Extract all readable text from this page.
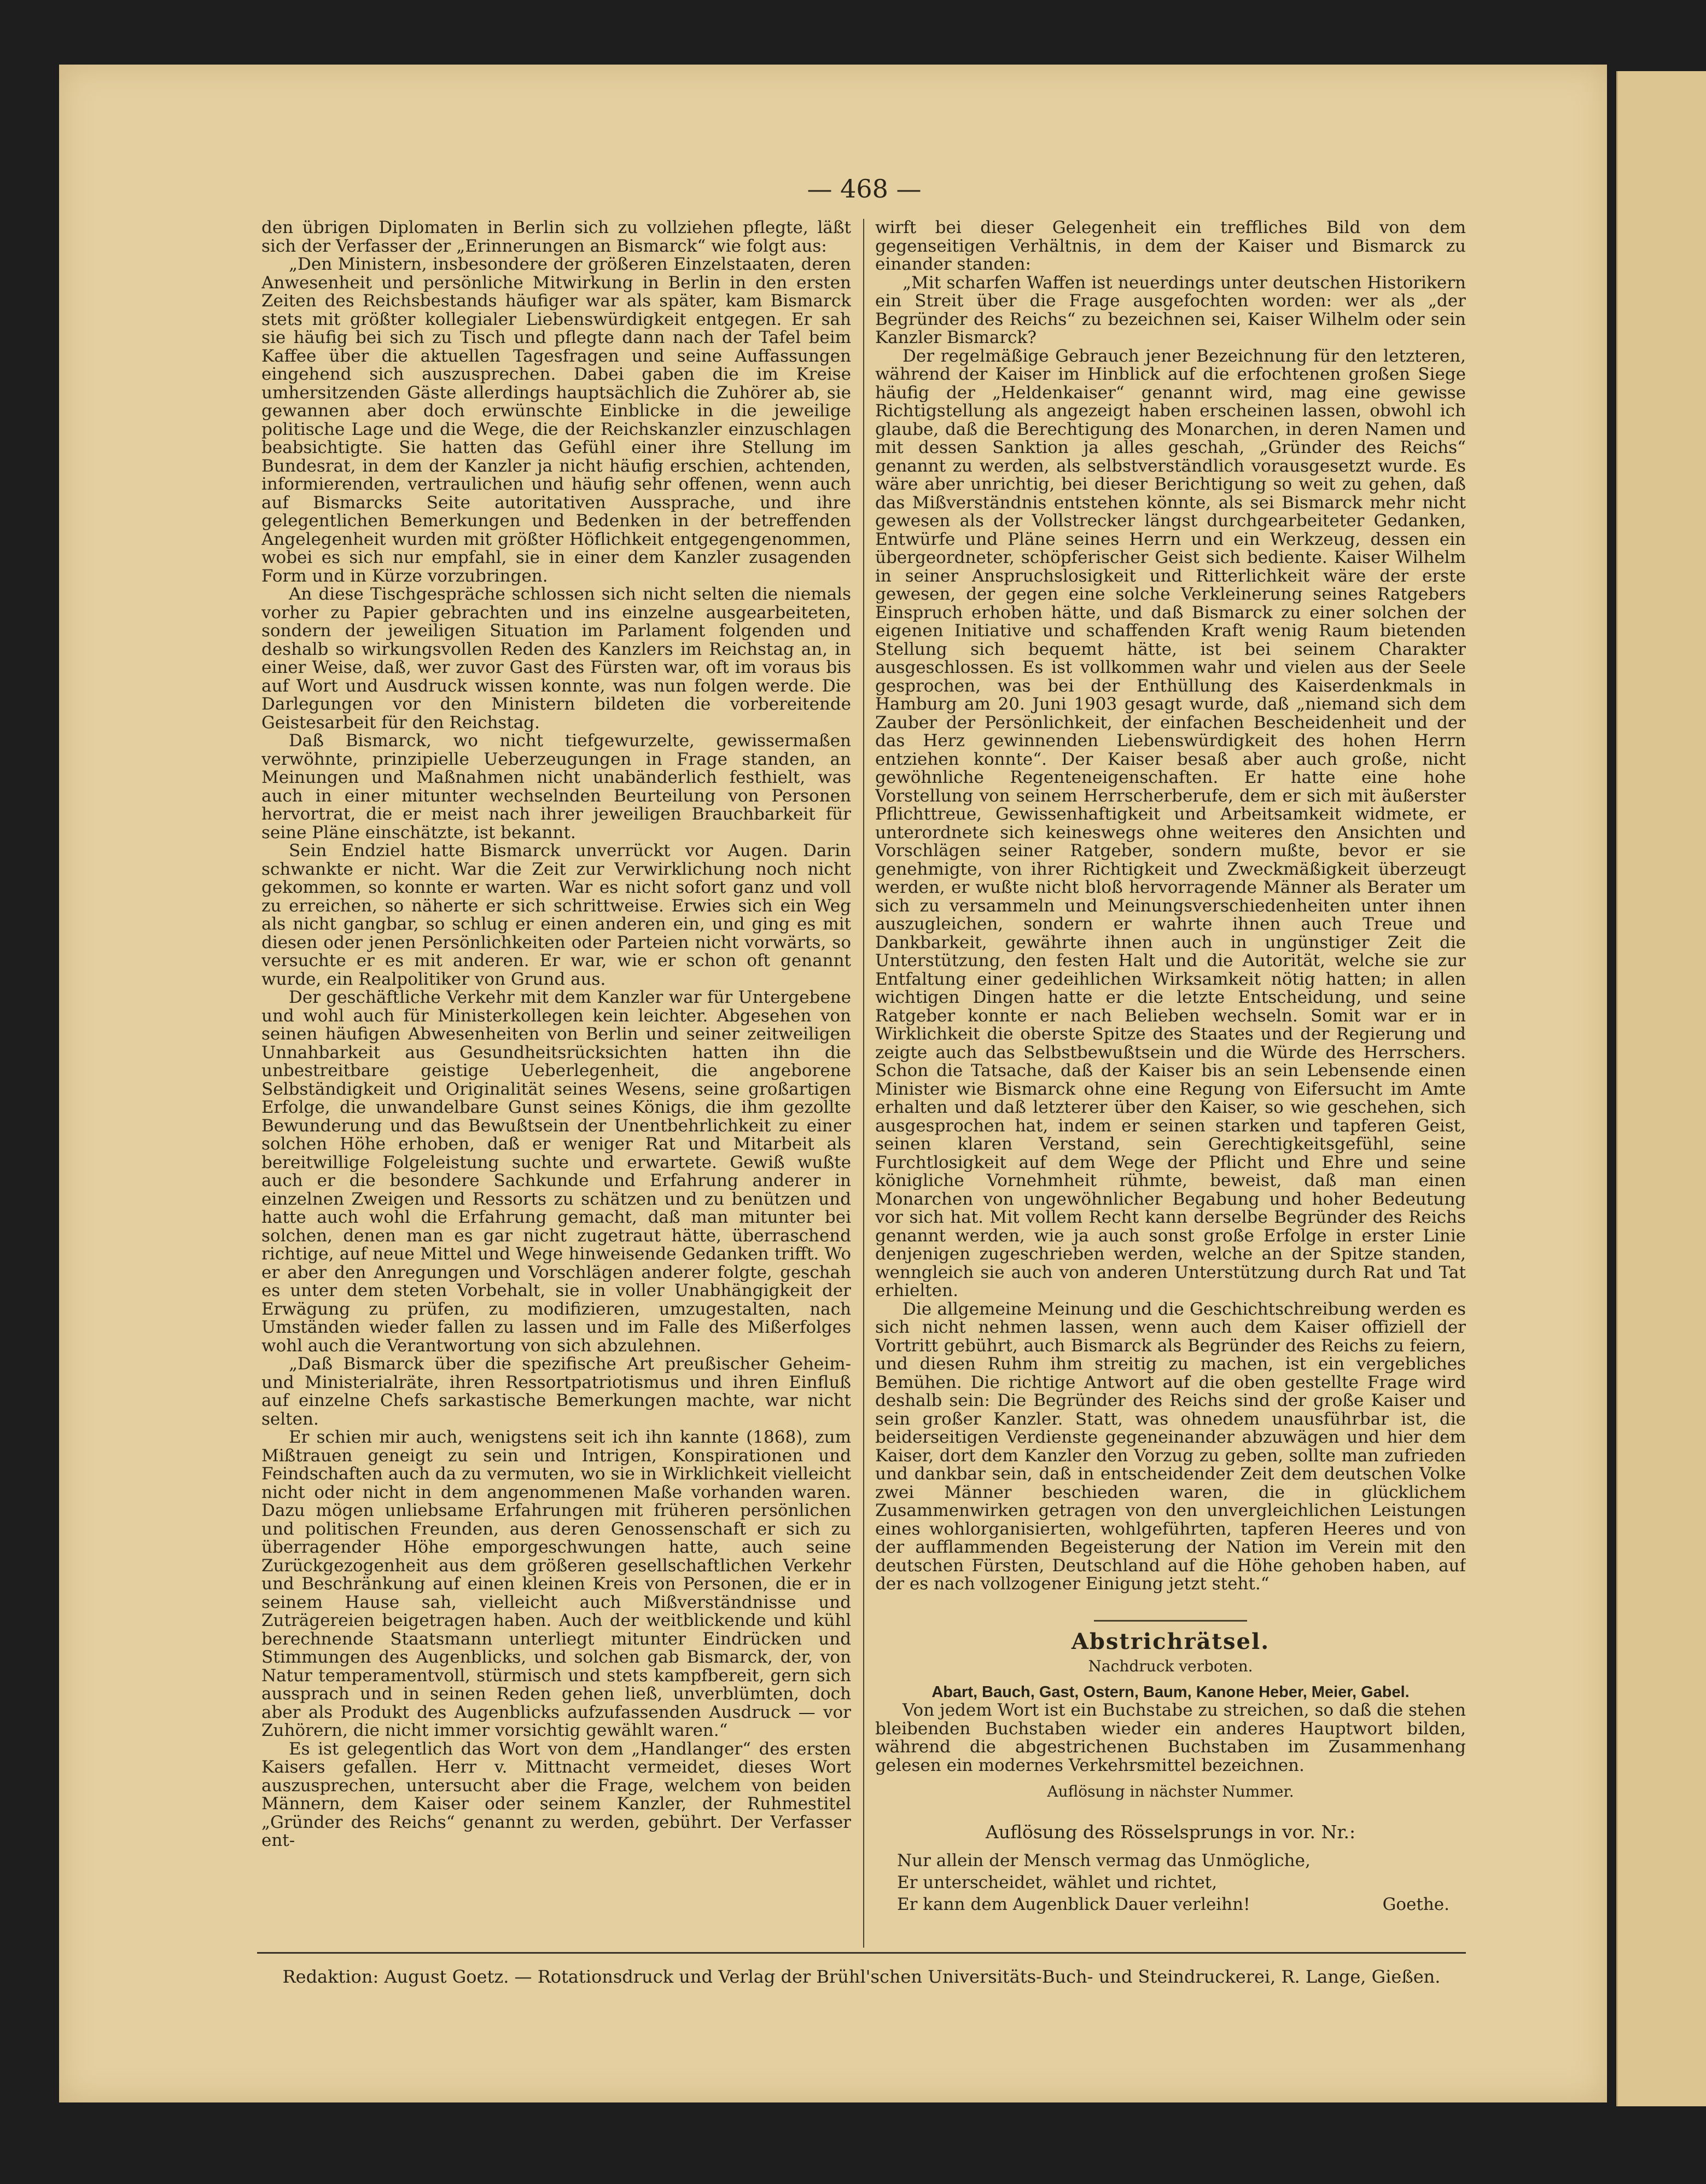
— 468 —

den übrigen Diplomaten in Berlin sich zu vollziehen pflegte, läßt sich der Verfasser der „Erinnerungen an Bismarck“ wie folgt aus:

„Den Ministern, insbesondere der größeren Einzelstaaten, deren Anwesenheit und persönliche Mitwirkung in Berlin in den ersten Zeiten des Reichsbestands häufiger war als später, kam Bismarck stets mit größter kollegialer Liebenswürdigkeit entgegen. Er sah sie häufig bei sich zu Tisch und pflegte dann nach der Tafel beim Kaffee über die aktuellen Tagesfragen und seine Auffassungen eingehend sich auszusprechen. Dabei gaben die im Kreise umhersitzenden Gäste allerdings hauptsächlich die Zuhörer ab, sie gewannen aber doch erwünschte Einblicke in die jeweilige politische Lage und die Wege, die der Reichskanzler einzuschlagen beabsichtigte. Sie hatten das Gefühl einer ihre Stellung im Bundesrat, in dem der Kanzler ja nicht häufig erschien, achtenden, informierenden, vertraulichen und häufig sehr offenen, wenn auch auf Bismarcks Seite autoritativen Aussprache, und ihre gelegentlichen Bemerkungen und Bedenken in der betreffenden Angelegenheit wurden mit größter Höflichkeit entgegengenommen, wobei es sich nur empfahl, sie in einer dem Kanzler zusagenden Form und in Kürze vorzubringen.

An diese Tischgespräche schlossen sich nicht selten die niemals vorher zu Papier gebrachten und ins einzelne ausgearbeiteten, sondern der jeweiligen Situation im Parlament folgenden und deshalb so wirkungsvollen Reden des Kanzlers im Reichstag an, in einer Weise, daß, wer zuvor Gast des Fürsten war, oft im voraus bis auf Wort und Ausdruck wissen konnte, was nun folgen werde. Die Darlegungen vor den Ministern bildeten die vorbereitende Geistesarbeit für den Reichstag.

Daß Bismarck, wo nicht tiefgewurzelte, gewissermaßen verwöhnte, prinzipielle Ueberzeugungen in Frage standen, an Meinungen und Maßnahmen nicht unabänderlich festhielt, was auch in einer mitunter wechselnden Beurteilung von Personen hervortrat, die er meist nach ihrer jeweiligen Brauchbarkeit für seine Pläne einschätzte, ist bekannt.

Sein Endziel hatte Bismarck unverrückt vor Augen. Darin schwankte er nicht. War die Zeit zur Verwirklichung noch nicht gekommen, so konnte er warten. War es nicht sofort ganz und voll zu erreichen, so näherte er sich schrittweise. Erwies sich ein Weg als nicht gangbar, so schlug er einen anderen ein, und ging es mit diesen oder jenen Persönlichkeiten oder Parteien nicht vorwärts, so versuchte er es mit anderen. Er war, wie er schon oft genannt wurde, ein Realpolitiker von Grund aus.

Der geschäftliche Verkehr mit dem Kanzler war für Untergebene und wohl auch für Ministerkollegen kein leichter. Abgesehen von seinen häufigen Abwesenheiten von Berlin und seiner zeitweiligen Unnahbarkeit aus Gesundheitsrücksichten hatten ihn die unbestreitbare geistige Ueberlegenheit, die angeborene Selbständigkeit und Originalität seines Wesens, seine großartigen Erfolge, die unwandelbare Gunst seines Königs, die ihm gezollte Bewunderung und das Bewußtsein der Unentbehrlichkeit zu einer solchen Höhe erhoben, daß er weniger Rat und Mitarbeit als bereitwillige Folgeleistung suchte und erwartete. Gewiß wußte auch er die besondere Sachkunde und Erfahrung anderer in einzelnen Zweigen und Ressorts zu schätzen und zu benützen und hatte auch wohl die Erfahrung gemacht, daß man mitunter bei solchen, denen man es gar nicht zugetraut hätte, überraschend richtige, auf neue Mittel und Wege hinweisende Gedanken trifft. Wo er aber den Anregungen und Vorschlägen anderer folgte, geschah es unter dem steten Vorbehalt, sie in voller Unabhängigkeit der Erwägung zu prüfen, zu modifizieren, umzugestalten, nach Umständen wieder fallen zu lassen und im Falle des Mißerfolges wohl auch die Verantwortung von sich abzulehnen.

„Daß Bismarck über die spezifische Art preußischer Geheim- und Ministerialräte, ihren Ressortpatriotismus und ihren Einfluß auf einzelne Chefs sarkastische Bemerkungen machte, war nicht selten.

Er schien mir auch, wenigstens seit ich ihn kannte (1868), zum Mißtrauen geneigt zu sein und Intrigen, Konspirationen und Feindschaften auch da zu vermuten, wo sie in Wirklichkeit vielleicht nicht oder nicht in dem angenommenen Maße vorhanden waren. Dazu mögen unliebsame Erfahrungen mit früheren persönlichen und politischen Freunden, aus deren Genossenschaft er sich zu überragender Höhe emporgeschwungen hatte, auch seine Zurückgezogenheit aus dem größeren gesellschaftlichen Verkehr und Beschränkung auf einen kleinen Kreis von Personen, die er in seinem Hause sah, vielleicht auch Mißverständnisse und Zuträgereien beigetragen haben. Auch der weitblickende und kühl berechnende Staatsmann unterliegt mitunter Eindrücken und Stimmungen des Augenblicks, und solchen gab Bismarck, der, von Natur temperamentvoll, stürmisch und stets kampfbereit, gern sich aussprach und in seinen Reden gehen ließ, unverblümten, doch aber als Produkt des Augenblicks aufzufassenden Ausdruck — vor Zuhörern, die nicht immer vorsichtig gewählt waren.“

Es ist gelegentlich das Wort von dem „Handlanger“ des ersten Kaisers gefallen. Herr v. Mittnacht vermeidet, dieses Wort auszusprechen, untersucht aber die Frage, welchem von beiden Männern, dem Kaiser oder seinem Kanzler, der Ruhmestitel „Gründer des Reichs“ genannt zu werden, gebührt. Der Verfasser ent-

wirft bei dieser Gelegenheit ein treffliches Bild von dem gegenseitigen Verhältnis, in dem der Kaiser und Bismarck zu einander standen:

„Mit scharfen Waffen ist neuerdings unter deutschen Historikern ein Streit über die Frage ausgefochten worden: wer als „der Begründer des Reichs“ zu bezeichnen sei, Kaiser Wilhelm oder sein Kanzler Bismarck?

Der regelmäßige Gebrauch jener Bezeichnung für den letzteren, während der Kaiser im Hinblick auf die erfochtenen großen Siege häufig der „Heldenkaiser“ genannt wird, mag eine gewisse Richtigstellung als angezeigt haben erscheinen lassen, obwohl ich glaube, daß die Berechtigung des Monarchen, in deren Namen und mit dessen Sanktion ja alles geschah, „Gründer des Reichs“ genannt zu werden, als selbstverständlich vorausgesetzt wurde. Es wäre aber unrichtig, bei dieser Berichtigung so weit zu gehen, daß das Mißverständnis entstehen könnte, als sei Bismarck mehr nicht gewesen als der Vollstrecker längst durchgearbeiteter Gedanken, Entwürfe und Pläne seines Herrn und ein Werkzeug, dessen ein übergeordneter, schöpferischer Geist sich bediente. Kaiser Wilhelm in seiner Anspruchslosigkeit und Ritterlichkeit wäre der erste gewesen, der gegen eine solche Verkleinerung seines Ratgebers Einspruch erhoben hätte, und daß Bismarck zu einer solchen der eigenen Initiative und schaffenden Kraft wenig Raum bietenden Stellung sich bequemt hätte, ist bei seinem Charakter ausgeschlossen. Es ist vollkommen wahr und vielen aus der Seele gesprochen, was bei der Enthüllung des Kaiserdenkmals in Hamburg am 20. Juni 1903 gesagt wurde, daß „niemand sich dem Zauber der Persönlichkeit, der einfachen Bescheidenheit und der das Herz gewinnenden Liebenswürdigkeit des hohen Herrn entziehen konnte“. Der Kaiser besaß aber auch große, nicht gewöhnliche Regenteneigenschaften. Er hatte eine hohe Vorstellung von seinem Herrscherberufe, dem er sich mit äußerster Pflichttreue, Gewissenhaftigkeit und Arbeitsamkeit widmete, er unterordnete sich keineswegs ohne weiteres den Ansichten und Vorschlägen seiner Ratgeber, sondern mußte, bevor er sie genehmigte, von ihrer Richtigkeit und Zweckmäßigkeit überzeugt werden, er wußte nicht bloß hervorragende Männer als Berater um sich zu versammeln und Meinungsverschiedenheiten unter ihnen auszugleichen, sondern er wahrte ihnen auch Treue und Dankbarkeit, gewährte ihnen auch in ungünstiger Zeit die Unterstützung, den festen Halt und die Autorität, welche sie zur Entfaltung einer gedeihlichen Wirksamkeit nötig hatten; in allen wichtigen Dingen hatte er die letzte Entscheidung, und seine Ratgeber konnte er nach Belieben wechseln. Somit war er in Wirklichkeit die oberste Spitze des Staates und der Regierung und zeigte auch das Selbstbewußtsein und die Würde des Herrschers. Schon die Tatsache, daß der Kaiser bis an sein Lebensende einen Minister wie Bismarck ohne eine Regung von Eifersucht im Amte erhalten und daß letzterer über den Kaiser, so wie geschehen, sich ausgesprochen hat, indem er seinen starken und tapferen Geist, seinen klaren Verstand, sein Gerechtigkeitsgefühl, seine Furchtlosigkeit auf dem Wege der Pflicht und Ehre und seine königliche Vornehmheit rühmte, beweist, daß man einen Monarchen von ungewöhnlicher Begabung und hoher Bedeutung vor sich hat. Mit vollem Recht kann derselbe Begründer des Reichs genannt werden, wie ja auch sonst große Erfolge in erster Linie denjenigen zugeschrieben werden, welche an der Spitze standen, wenngleich sie auch von anderen Unterstützung durch Rat und Tat erhielten.

Die allgemeine Meinung und die Geschichtschreibung werden es sich nicht nehmen lassen, wenn auch dem Kaiser offiziell der Vortritt gebührt, auch Bismarck als Begründer des Reichs zu feiern, und diesen Ruhm ihm streitig zu machen, ist ein vergebliches Bemühen. Die richtige Antwort auf die oben gestellte Frage wird deshalb sein: Die Begründer des Reichs sind der große Kaiser und sein großer Kanzler. Statt, was ohnedem unausführbar ist, die beiderseitigen Verdienste gegeneinander abzuwägen und hier dem Kaiser, dort dem Kanzler den Vorzug zu geben, sollte man zufrieden und dankbar sein, daß in entscheidender Zeit dem deutschen Volke zwei Männer beschieden waren, die in glücklichem Zusammenwirken getragen von den unvergleichlichen Leistungen eines wohlorganisierten, wohlgeführten, tapferen Heeres und von der aufflammenden Begeisterung der Nation im Verein mit den deutschen Fürsten, Deutschland auf die Höhe gehoben haben, auf der es nach vollzogener Einigung jetzt steht.“

Abstrichrätsel.
Nachdruck verboten.
Abart, Bauch, Gast, Ostern, Baum, Kanone Heber, Meier, Gabel.

Von jedem Wort ist ein Buchstabe zu streichen, so daß die stehen bleibenden Buchstaben wieder ein anderes Hauptwort bilden, während die abgestrichenen Buchstaben im Zusammenhang gelesen ein modernes Verkehrsmittel bezeichnen.

Auflösung in nächster Nummer.
Auflösung des Rösselsprungs in vor. Nr.:
Nur allein der Mensch vermag das Unmögliche,
Er unterscheidet, wählet und richtet,
Er kann dem Augenblick Dauer verleihn!	Goethe.
Redaktion: August Goetz. — Rotationsdruck und Verlag der Brühl'schen Universitäts-Buch- und Steindruckerei, R. Lange, Gießen.
